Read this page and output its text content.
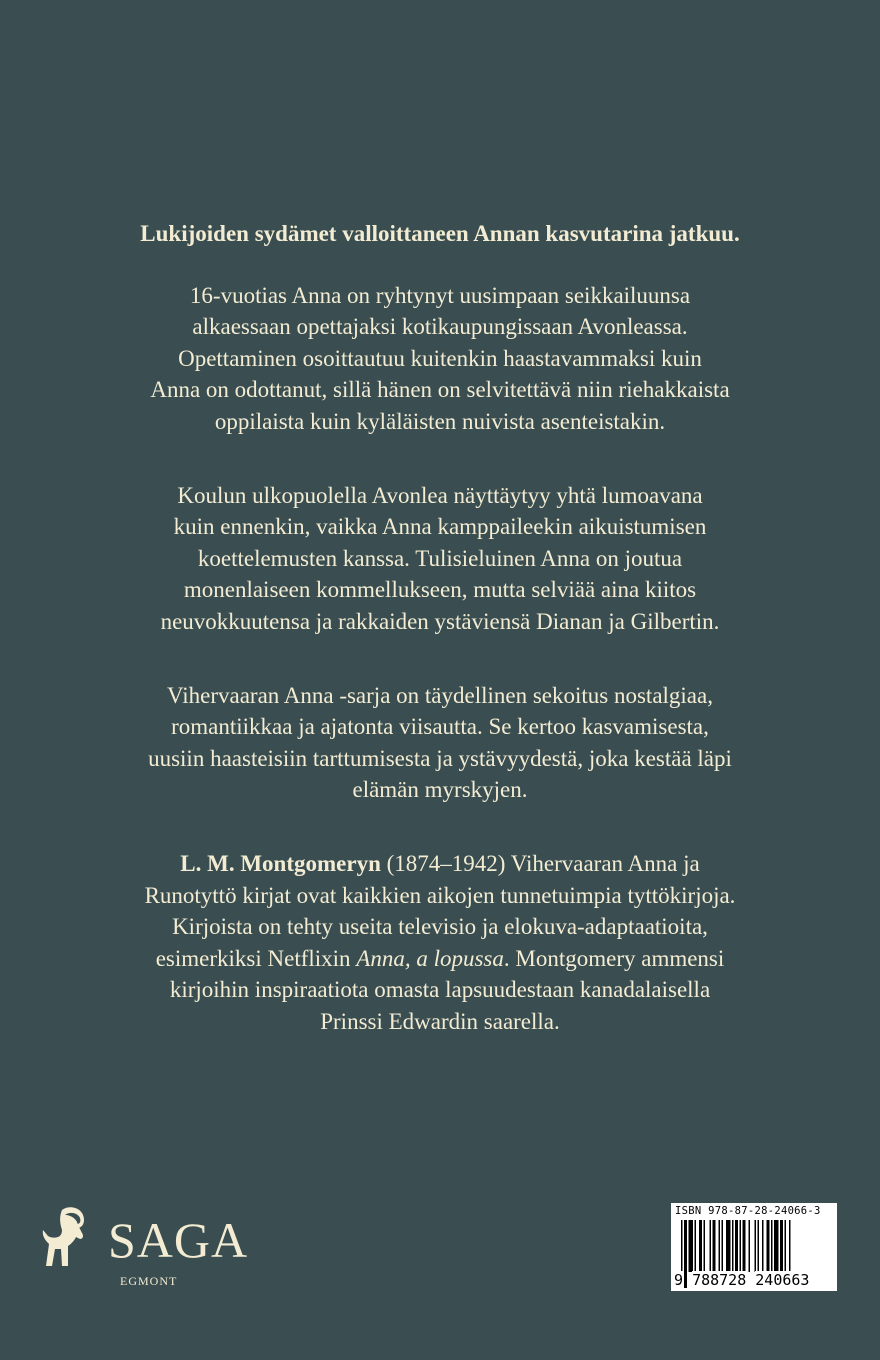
Lukijoiden sydämet valloittaneen Annan kasvutarina jatkuu.
16-vuotias Anna on ryhtynyt uusimpaan seikkailuunsa
alkaessaan opettajaksi kotikaupungissaan Avonleassa.
Opettaminen osoittautuu kuitenkin haastavammaksi kuin
Anna on odottanut, sillä hänen on selvitettävä niin riehakkaista
oppilaista kuin kyläläisten nuivista asenteistakin.
Koulun ulkopuolella Avonlea näyttäytyy yhtä lumoavana
kuin ennenkin, vaikka Anna kamppaileekin aikuistumisen
koettelemusten kanssa. Tulisieluinen Anna on joutua
monenlaiseen kommellukseen, mutta selviää aina kiitos
neuvokkuutensa ja rakkaiden ystäviensä Dianan ja Gilbertin.
Vihervaaran Anna -sarja on täydellinen sekoitus nostalgiaa,
romantiikkaa ja ajatonta viisautta. Se kertoo kasvamisesta,
uusiin haasteisiin tarttumisesta ja ystävyydestä, joka kestää läpi
elämän myrskyjen.
L. M. Montgomeryn (1874–1942) Vihervaaran Anna ja
Runotyttö kirjat ovat kaikkien aikojen tunnetuimpia tyttökirjoja.
Kirjoista on tehty useita televisio ja elokuva-adaptaatioita,
esimerkiksi Netflixin Anna, a lopussa. Montgomery ammensi
kirjoihin inspiraatiota omasta lapsuudestaan kanadalaisella
Prinssi Edwardin saarella.
SAGA
EGMONT
ISBN 978-87-28-24066-3
9 788728 240663
